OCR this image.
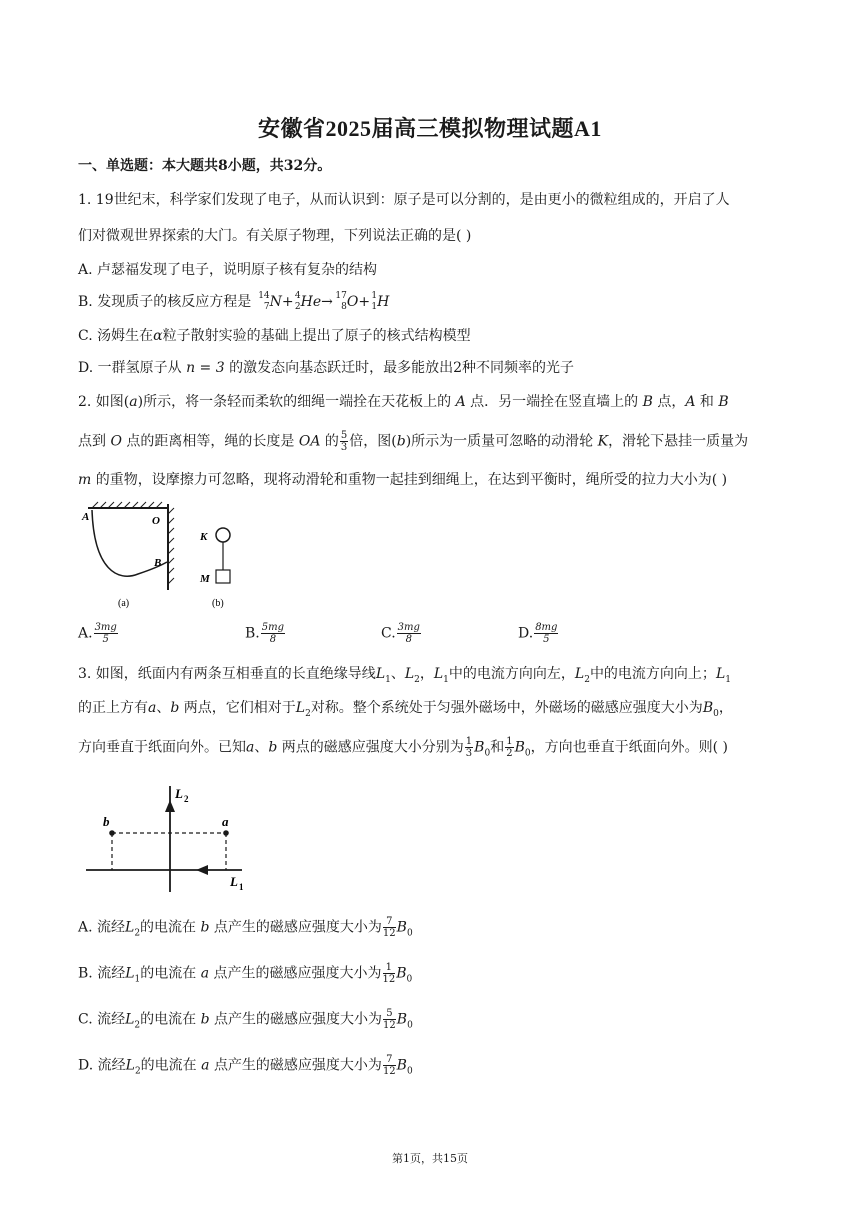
安徽省2025届高三模拟物理试题A1
一、单选题：本大题共8小题，共32分。
1. 19世纪末，科学家们发现了电子，从而认识到：原子是可以分割的，是由更小的微粒组成的，开启了人
们对微观世界探索的大门。有关原子物理，下列说法正确的是( )
A. 卢瑟福发现了电子，说明原子核有复杂的结构
B. 发现质子的核反应方程是 14
7 N+ 4
2 He→ 17
8 O+ 1
1 H
C. 汤姆生在α粒子散射实验的基础上提出了原子的核式结构模型
D. 一群氢原子从 n = 3 的激发态向基态跃迁时，最多能放出2种不同频率的光子
2. 如图(a)所示，将一条轻而柔软的细绳一端拴在天花板上的 A 点．另一端拴在竖直墙上的 B 点，A 和 B
点到 O 点的距离相等，绳的长度是 OA 的 $\frac{5}{3}$ 倍，图(b)所示为一质量可忽略的动滑轮 K，滑轮下悬挂一质量为
m 的重物，设摩擦力可忽略，现将动滑轮和重物一起挂到细绳上，在达到平衡时，绳所受的拉力大小为( )
A	O
B
K
M
(a)	(b)
A. $\frac{3mg}{5}$	B. $\frac{5mg}{8}$	C. $\frac{3mg}{8}$	D. $\frac{8mg}{5}$
3. 如图，纸面内有两条互相垂直的长直绝缘导线$L_1$、$L_2$，$L_1$中的电流方向向左，$L_2$中的电流方向向上；$L_1$
的正上方有a、b 两点，它们相对于$L_2$对称。整个系统处于匀强外磁场中，外磁场的磁感应强度大小为$B_0$，
方向垂直于纸面向外。已知a、b 两点的磁感应强度大小分别为 $\frac{1}{3} B_0$和 $\frac{1}{2} B_0$，方向也垂直于纸面向外。则( )
b	a
L 2
L 1
A. 流经$L_2$的电流在 b 点产生的磁感应强度大小为 $\frac{7}{12} B_0$
B. 流经$L_1$的电流在 a 点产生的磁感应强度大小为 $\frac{1}{12} B_0$
C. 流经$L_2$的电流在 b 点产生的磁感应强度大小为 $\frac{5}{12} B_0$
D. 流经$L_2$的电流在 a 点产生的磁感应强度大小为 $\frac{7}{12} B_0$
第1页，共15页
